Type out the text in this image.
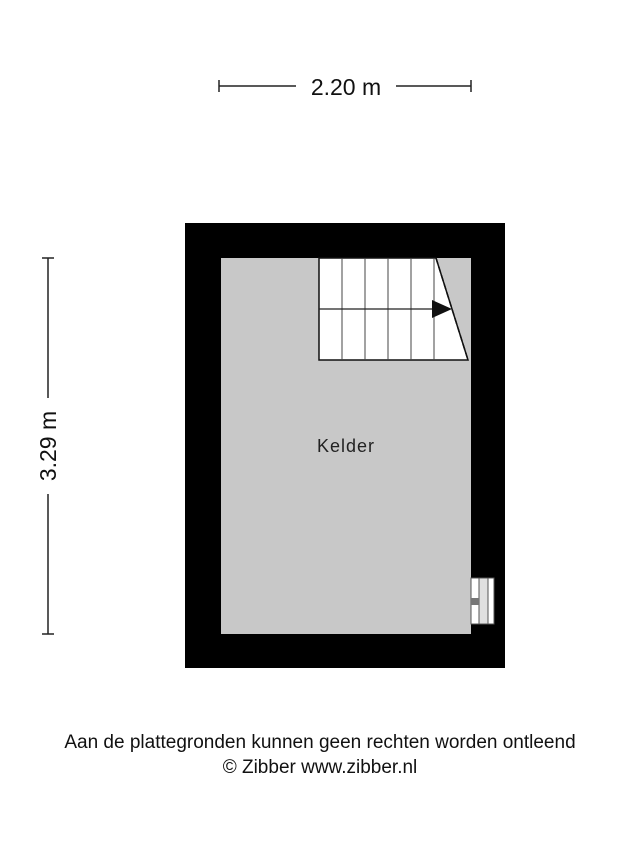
2.20 m
3.29 m	Kelder
Aan de plattegronden kunnen geen rechten worden ontleend
© Zibber www.zibber.nl
